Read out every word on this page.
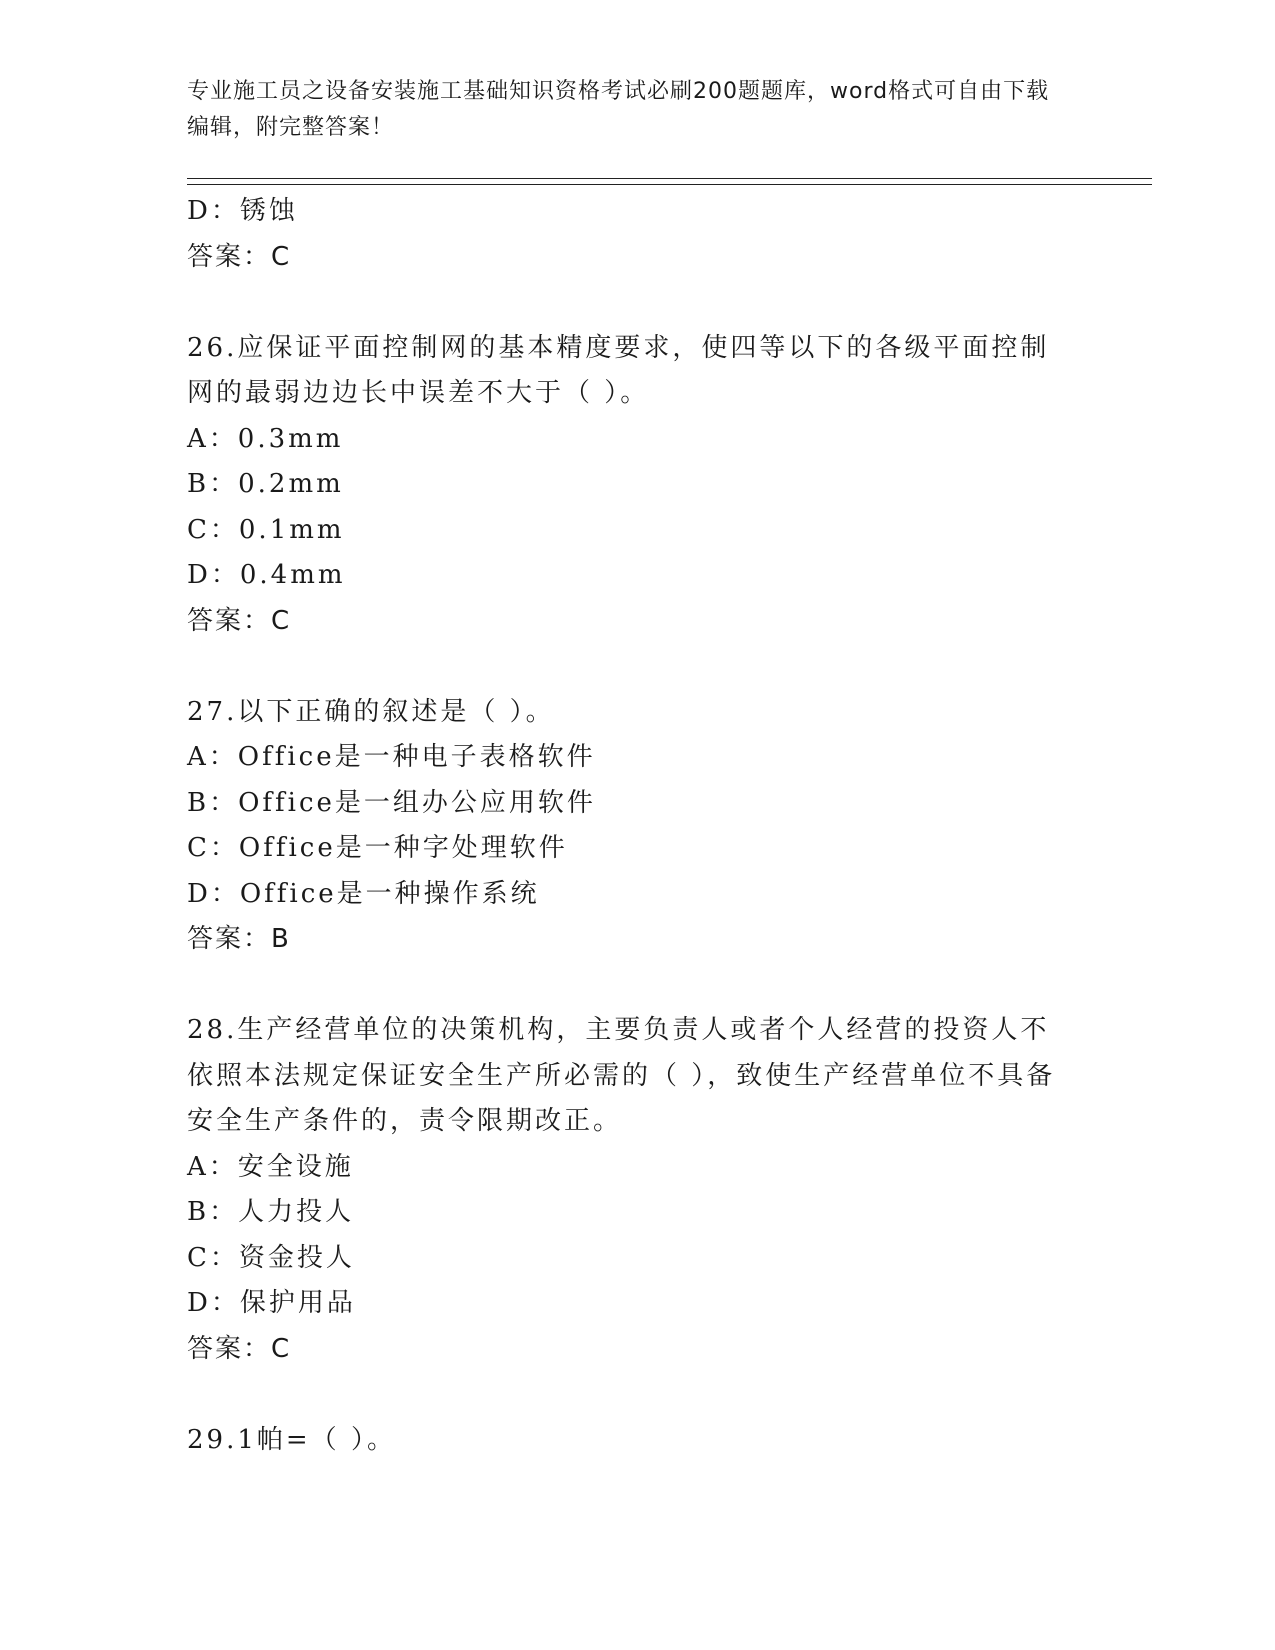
专业施工员之设备安装施工基础知识资格考试必刷200题题库，word格式可自由下载编辑，附完整答案！
D：锈蚀
答案：C
26.应保证平面控制网的基本精度要求，使四等以下的各级平面控制网的最弱边边长中误差不大于（ ）。
A：0.3mm
B：0.2mm
C：0.1mm
D：0.4mm
答案：C
27.以下正确的叙述是（ ）。
A：Office是一种电子表格软件
B：Office是一组办公应用软件
C：Office是一种字处理软件
D：Office是一种操作系统
答案：B
28.生产经营单位的决策机构，主要负责人或者个人经营的投资人不依照本法规定保证安全生产所必需的（ ），致使生产经营单位不具备安全生产条件的，责令限期改正。
A：安全设施
B：人力投人
C：资金投人
D：保护用品
答案：C
29.1帕=（ ）。
